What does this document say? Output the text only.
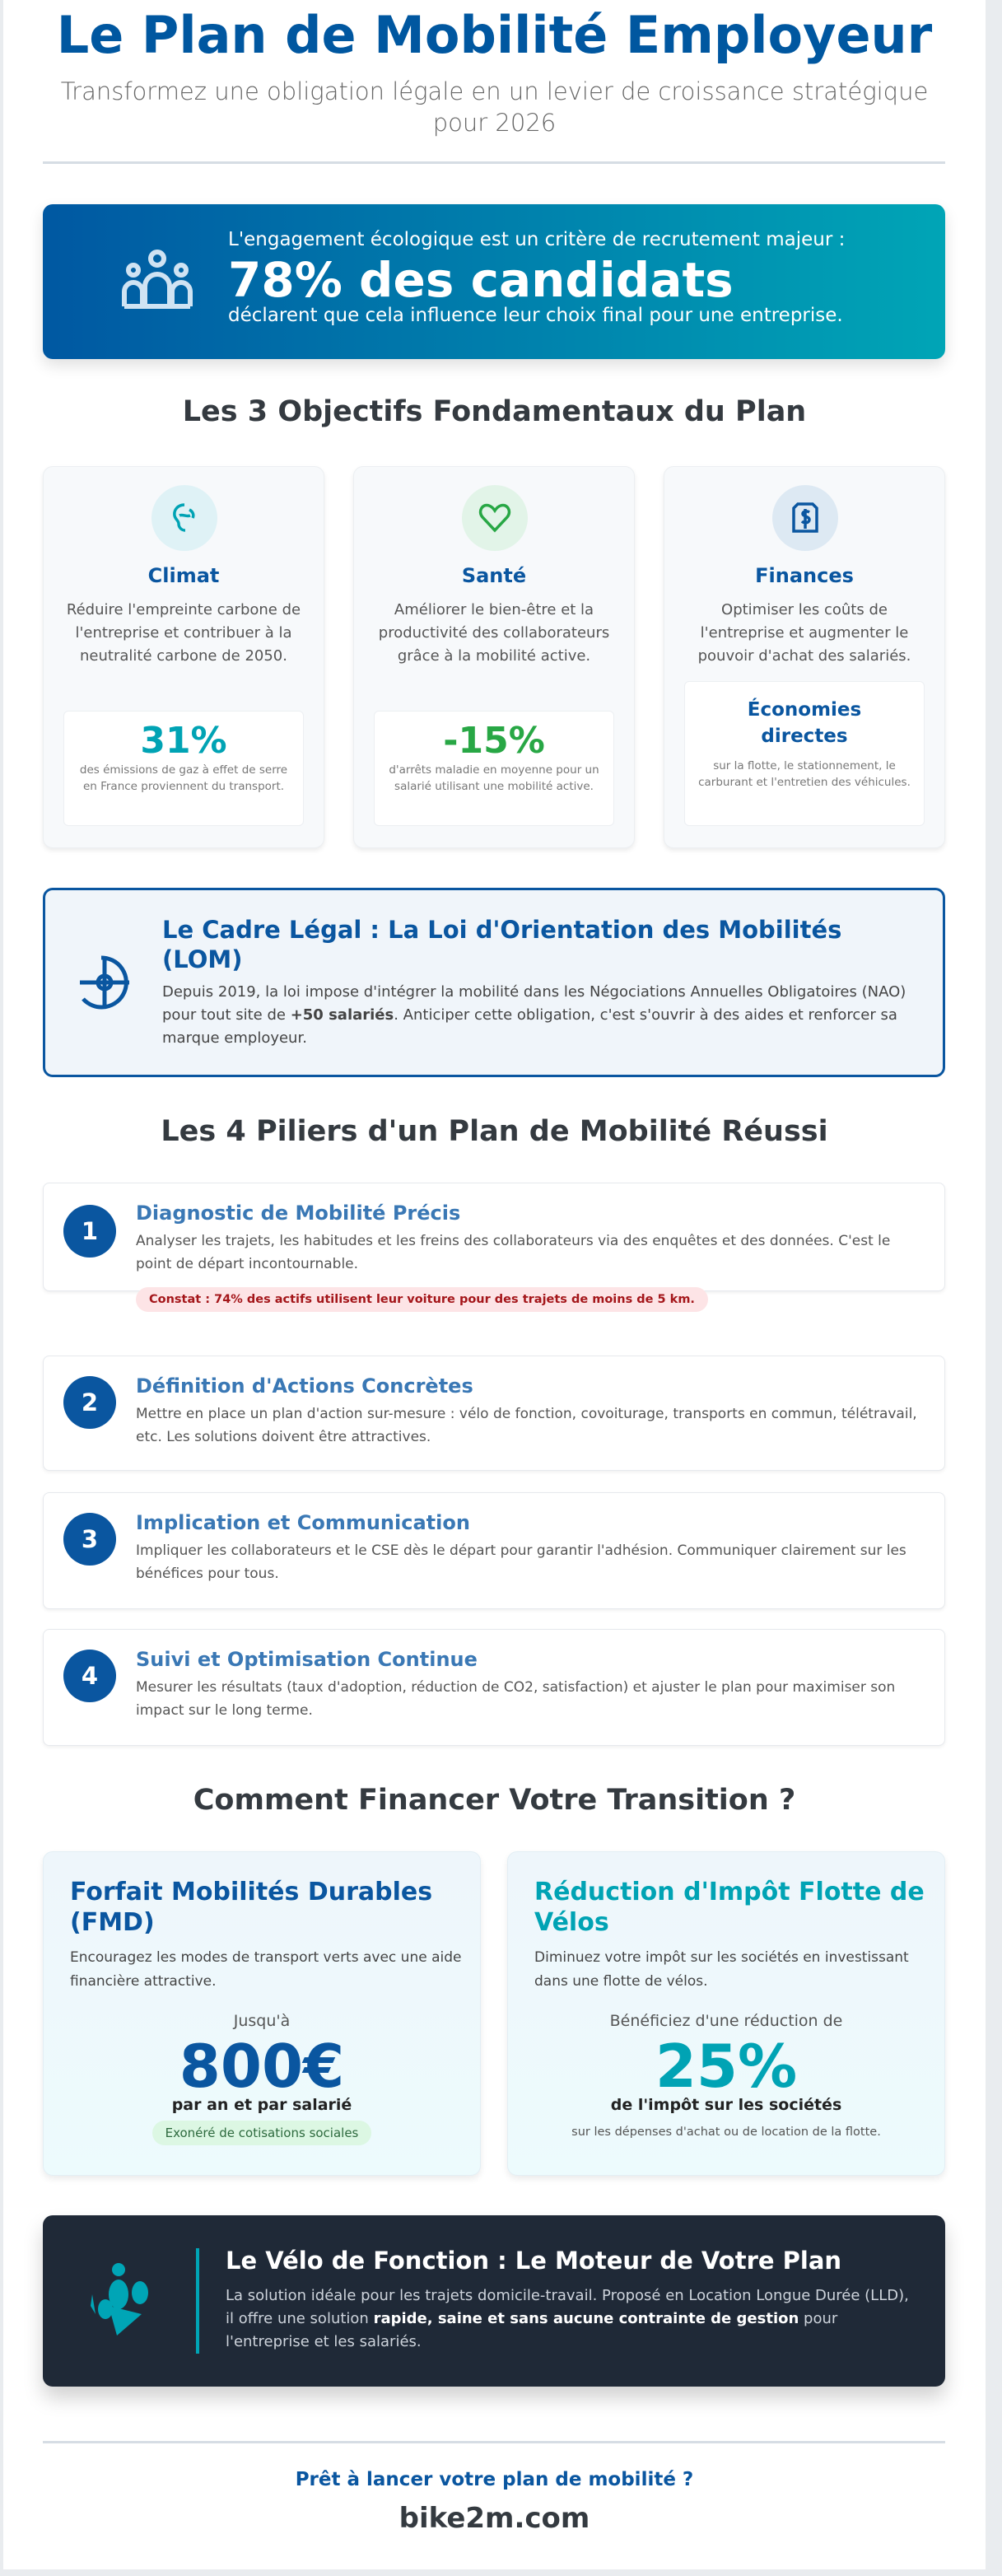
Le Plan de Mobilité Employeur
Transformez une obligation légale en un levier de croissance stratégique pour 2026
L'engagement écologique est un critère de recrutement majeur :
78% des candidats
déclarent que cela influence leur choix final pour une entreprise.
Les 3 Objectifs Fondamentaux du Plan
Climat
Réduire l'empreinte carbone de l'entreprise et contribuer à la neutralité carbone de 2050.
31%
des émissions de gaz à effet de serre en France proviennent du transport.
Santé
Améliorer le bien-être et la productivité des collaborateurs grâce à la mobilité active.
-15%
d'arrêts maladie en moyenne pour un salarié utilisant une mobilité active.
Finances
Optimiser les coûts de l'entreprise et augmenter le pouvoir d'achat des salariés.
Économies directes
sur la flotte, le stationnement, le carburant et l'entretien des véhicules.
Le Cadre Légal : La Loi d'Orientation des Mobilités (LOM)

Depuis 2019, la loi impose d'intégrer la mobilité dans les Négociations Annuelles Obligatoires (NAO) pour tout site de +50 salariés. Anticiper cette obligation, c'est s'ouvrir à des aides et renforcer sa marque employeur.

Les 4 Piliers d'un Plan de Mobilité Réussi
1
Diagnostic de Mobilité Précis

Analyser les trajets, les habitudes et les freins des collaborateurs via des enquêtes et des données. C'est le point de départ incontournable.

Constat : 74% des actifs utilisent leur voiture pour des trajets de moins de 5 km.
2
Définition d'Actions Concrètes

Mettre en place un plan d'action sur-mesure : vélo de fonction, covoiturage, transports en commun, télétravail, etc. Les solutions doivent être attractives.

3
Implication et Communication

Impliquer les collaborateurs et le CSE dès le départ pour garantir l'adhésion. Communiquer clairement sur les bénéfices pour tous.

4
Suivi et Optimisation Continue

Mesurer les résultats (taux d'adoption, réduction de CO2, satisfaction) et ajuster le plan pour maximiser son impact sur le long terme.

Comment Financer Votre Transition ?
Forfait Mobilités Durables (FMD)
Encouragez les modes de transport verts avec une aide financière attractive.
Jusqu'à
800€
par an et par salarié
Exonéré de cotisations sociales
Réduction d'Impôt Flotte de Vélos
Diminuez votre impôt sur les sociétés en investissant dans une flotte de vélos.
Bénéficiez d'une réduction de
25%
de l'impôt sur les sociétés
sur les dépenses d'achat ou de location de la flotte.
Le Vélo de Fonction : Le Moteur de Votre Plan

La solution idéale pour les trajets domicile-travail. Proposé en Location Longue Durée (LLD), il offre une solution rapide, saine et sans aucune contrainte de gestion pour l'entreprise et les salariés.

Prêt à lancer votre plan de mobilité ?
bike2m.com
